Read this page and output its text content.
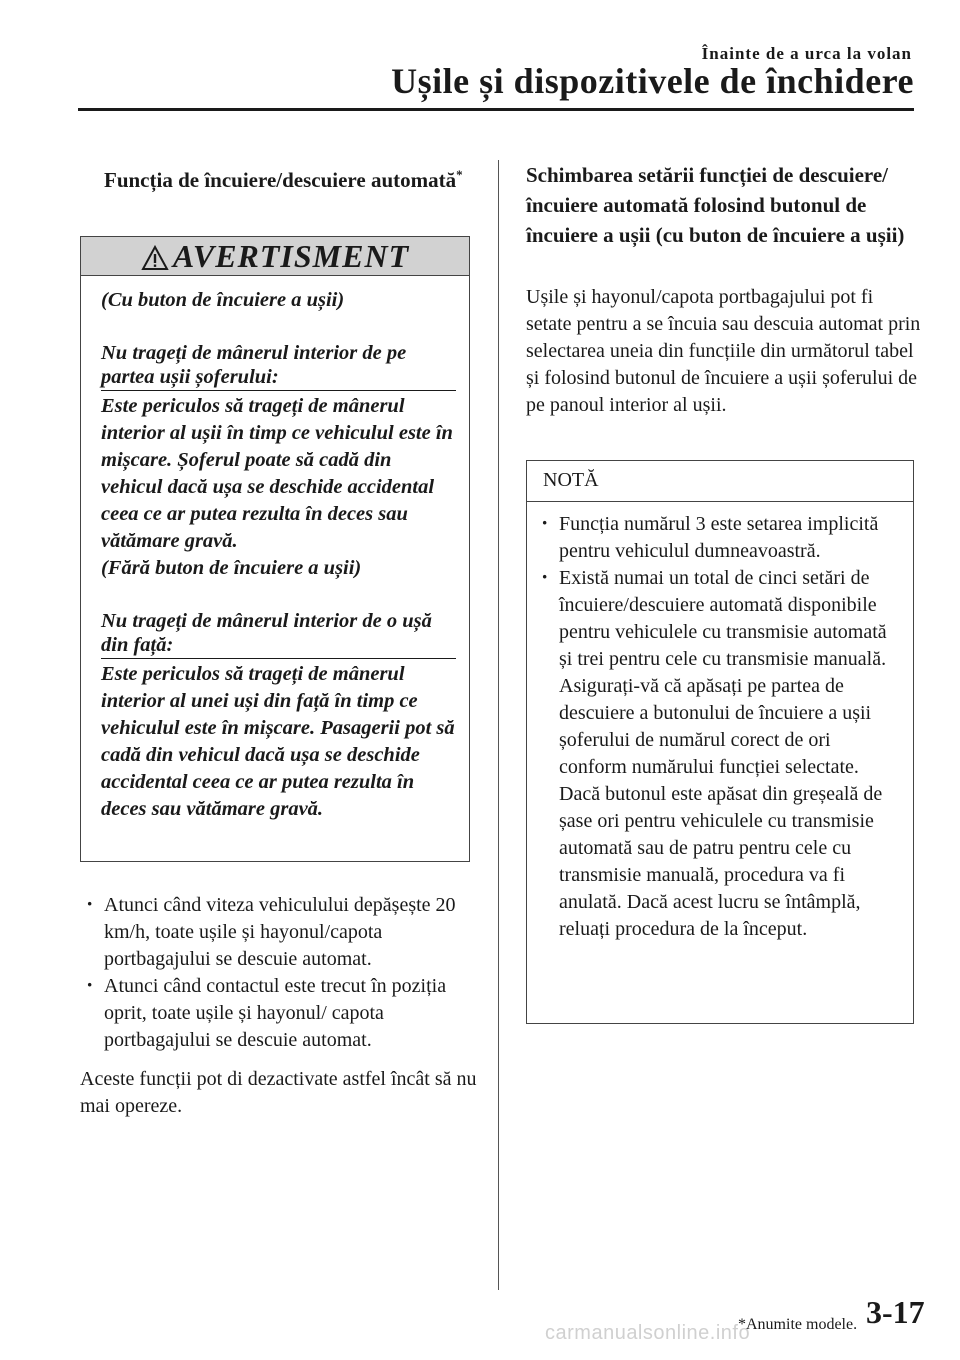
Înainte de a urca la volan
Ușile și dispozitivele de închidere
Funcția de încuiere/descuiere automată*
AVERTISMENT

(Cu buton de încuiere a ușii)

Nu trageți de mânerul interior de pe partea ușii șoferului:

Este periculos să trageți de mânerul interior al ușii în timp ce vehiculul este în mișcare. Șoferul poate să cadă din vehicul dacă ușa se deschide accidental ceea ce ar putea rezulta în deces sau vătămare gravă.

(Fără buton de încuiere a ușii)

Nu trageți de mânerul interior de o ușă din față:

Este periculos să trageți de mânerul interior al unei uși din față în timp ce vehiculul este în mișcare. Pasagerii pot să cadă din vehicul dacă ușa se deschide accidental ceea ce ar putea rezulta în deces sau vătămare gravă.

· Atunci când viteza vehiculului depășește 20 km/h, toate ușile și hayonul/capota portbagajului se descuie automat.
· Atunci când contactul este trecut în poziția oprit, toate ușile și hayonul/ capota portbagajului se descuie automat.

Aceste funcții pot di dezactivate astfel încât să nu mai opereze.

Schimbarea setării funcției de descuiere/încuiere automată folosind butonul de încuiere a ușii (cu buton de încuiere a ușii)
Ușile și hayonul/capota portbagajului pot fi setate pentru a se încuia sau descuia automat prin selectarea uneia din funcțiile din următorul tabel și folosind butonul de încuiere a ușii șoferului de pe panoul interior al ușii.
NOTĂ
· Funcția numărul 3 este setarea implicită pentru vehiculul dumneavoastră.
· Există numai un total de cinci setări de încuiere/descuiere automată disponibile pentru vehiculele cu transmisie automată și trei pentru cele cu transmisie manuală. Asigurați-vă că apăsați pe partea de descuiere a butonului de încuiere a ușii șoferului de numărul corect de ori conform numărului funcției selectate. Dacă butonul este apăsat din greșeală de șase ori pentru vehiculele cu transmisie automată sau de patru pentru cele cu transmisie manuală, procedura va fi anulată. Dacă acest lucru se întâmplă, reluați procedura de la început.
carmanualsonline.info
*Anumite modele. 3-17
